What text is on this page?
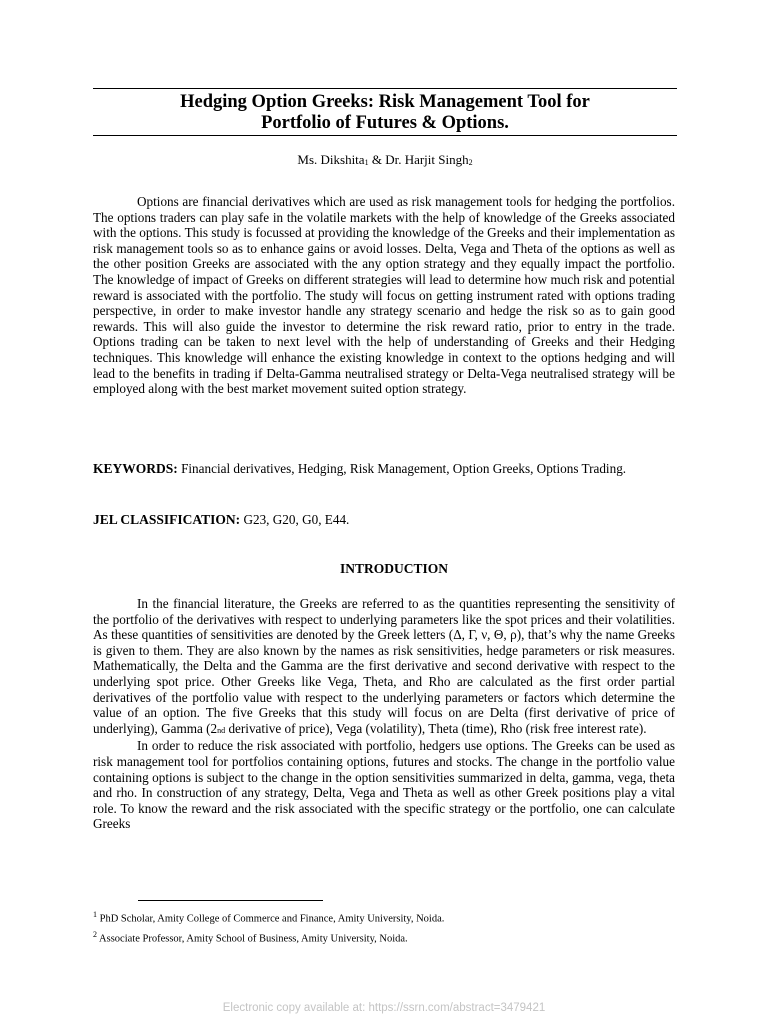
Hedging Option Greeks: Risk Management Tool for
Portfolio of Futures & Options.
Ms. Dikshita$_1$ & Dr. Harjit Singh$_2$

Options are financial derivatives which are used as risk management tools for hedging the portfolios. The options traders can play safe in the volatile markets with the help of knowledge of the Greeks associated with the options. This study is focussed at providing the knowledge of the Greeks and their implementation as risk management tools so as to enhance gains or avoid losses. Delta, Vega and Theta of the options as well as the other position Greeks are associated with the any option strategy and they equally impact the portfolio. The knowledge of impact of Greeks on different strategies will lead to determine how much risk and potential reward is associated with the portfolio. The study will focus on getting instrument rated with options trading perspective, in order to make investor handle any strategy scenario and hedge the risk so as to gain good rewards. This will also guide the investor to determine the risk reward ratio, prior to entry in the trade. Options trading can be taken to next level with the help of understanding of Greeks and their Hedging techniques. This knowledge will enhance the existing knowledge in context to the options hedging and will lead to the benefits in trading if Delta-Gamma neutralised strategy or Delta-Vega neutralised strategy will be employed along with the best market movement suited option strategy.

KEYWORDS: Financial derivatives, Hedging, Risk Management, Option Greeks, Options Trading.
JEL CLASSIFICATION: G23, G20, G0, E44.
INTRODUCTION

In the financial literature, the Greeks are referred to as the quantities representing the sensitivity of the portfolio of the derivatives with respect to underlying parameters like the spot prices and their volatilities. As these quantities of sensitivities are denoted by the Greek letters (Δ, Γ, ν, Θ, ρ), that’s why the name Greeks is given to them. They are also known by the names as risk sensitivities, hedge parameters or risk measures. Mathematically, the Delta and the Gamma are the first derivative and second derivative with respect to the underlying spot price. Other Greeks like Vega, Theta, and Rho are calculated as the first order partial derivatives of the portfolio value with respect to the underlying parameters or factors which determine the value of an option. The five Greeks that this study will focus on are Delta (first derivative of price of underlying), Gamma (2nd derivative of price), Vega (volatility), Theta (time), Rho (risk free interest rate).

In order to reduce the risk associated with portfolio, hedgers use options. The Greeks can be used as risk management tool for portfolios containing options, futures and stocks. The change in the portfolio value containing options is subject to the change in the option sensitivities summarized in delta, gamma, vega, theta and rho. In construction of any strategy, Delta, Vega and Theta as well as other Greek positions play a vital role. To know the reward and the risk associated with the specific strategy or the portfolio, one can calculate Greeks

$^1$ PhD Scholar, Amity College of Commerce and Finance, Amity University, Noida.
$^2$ Associate Professor, Amity School of Business, Amity University, Noida.
Electronic copy available at: https://ssrn.com/abstract=3479421
